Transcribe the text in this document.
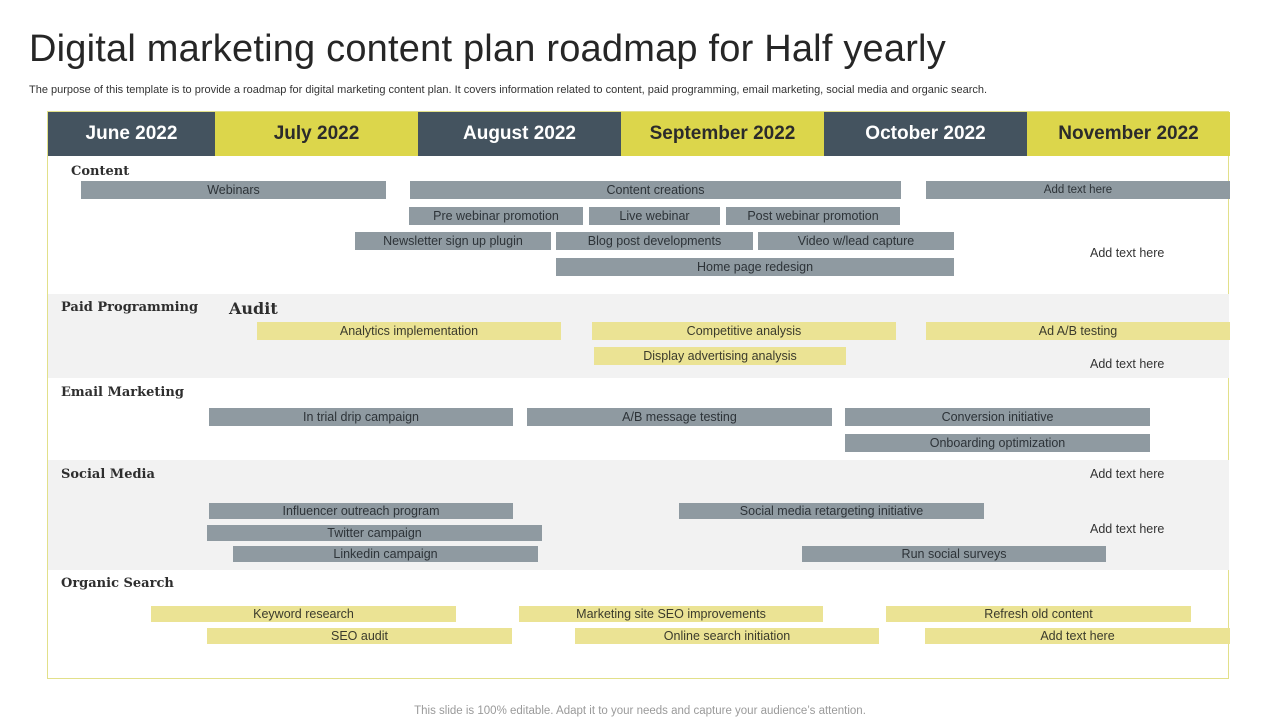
Digital marketing content plan roadmap for Half yearly
The purpose of this template is to provide a roadmap for digital marketing content plan. It covers information related to content, paid programming, email marketing, social media and organic search.
June 2022	July 2022	August 2022	September 2022	October 2022	November 2022
Content
Webinars	Content creations	Add text here
Pre webinar promotion	Live webinar	Post webinar promotion
Newsletter sign up plugin	Blog post developments	Video w/lead capture
Home page redesign
Add text here
Paid Programming Audit
Analytics implementation	Competitive analysis	Ad A/B testing
Display advertising analysis
Add text here
Email Marketing
In trial drip campaign	A/B message testing	Conversion initiative
Onboarding optimization
Social Media
Influencer outreach program	Social media retargeting initiative
Twitter campaign
Linkedin campaign	Run social surveys
Add text here
Add text here
Organic Search
Keyword research	Marketing site SEO improvements	Refresh old content
SEO audit	Online search initiation	Add text here
This slide is 100% editable. Adapt it to your needs and capture your audience’s attention.
